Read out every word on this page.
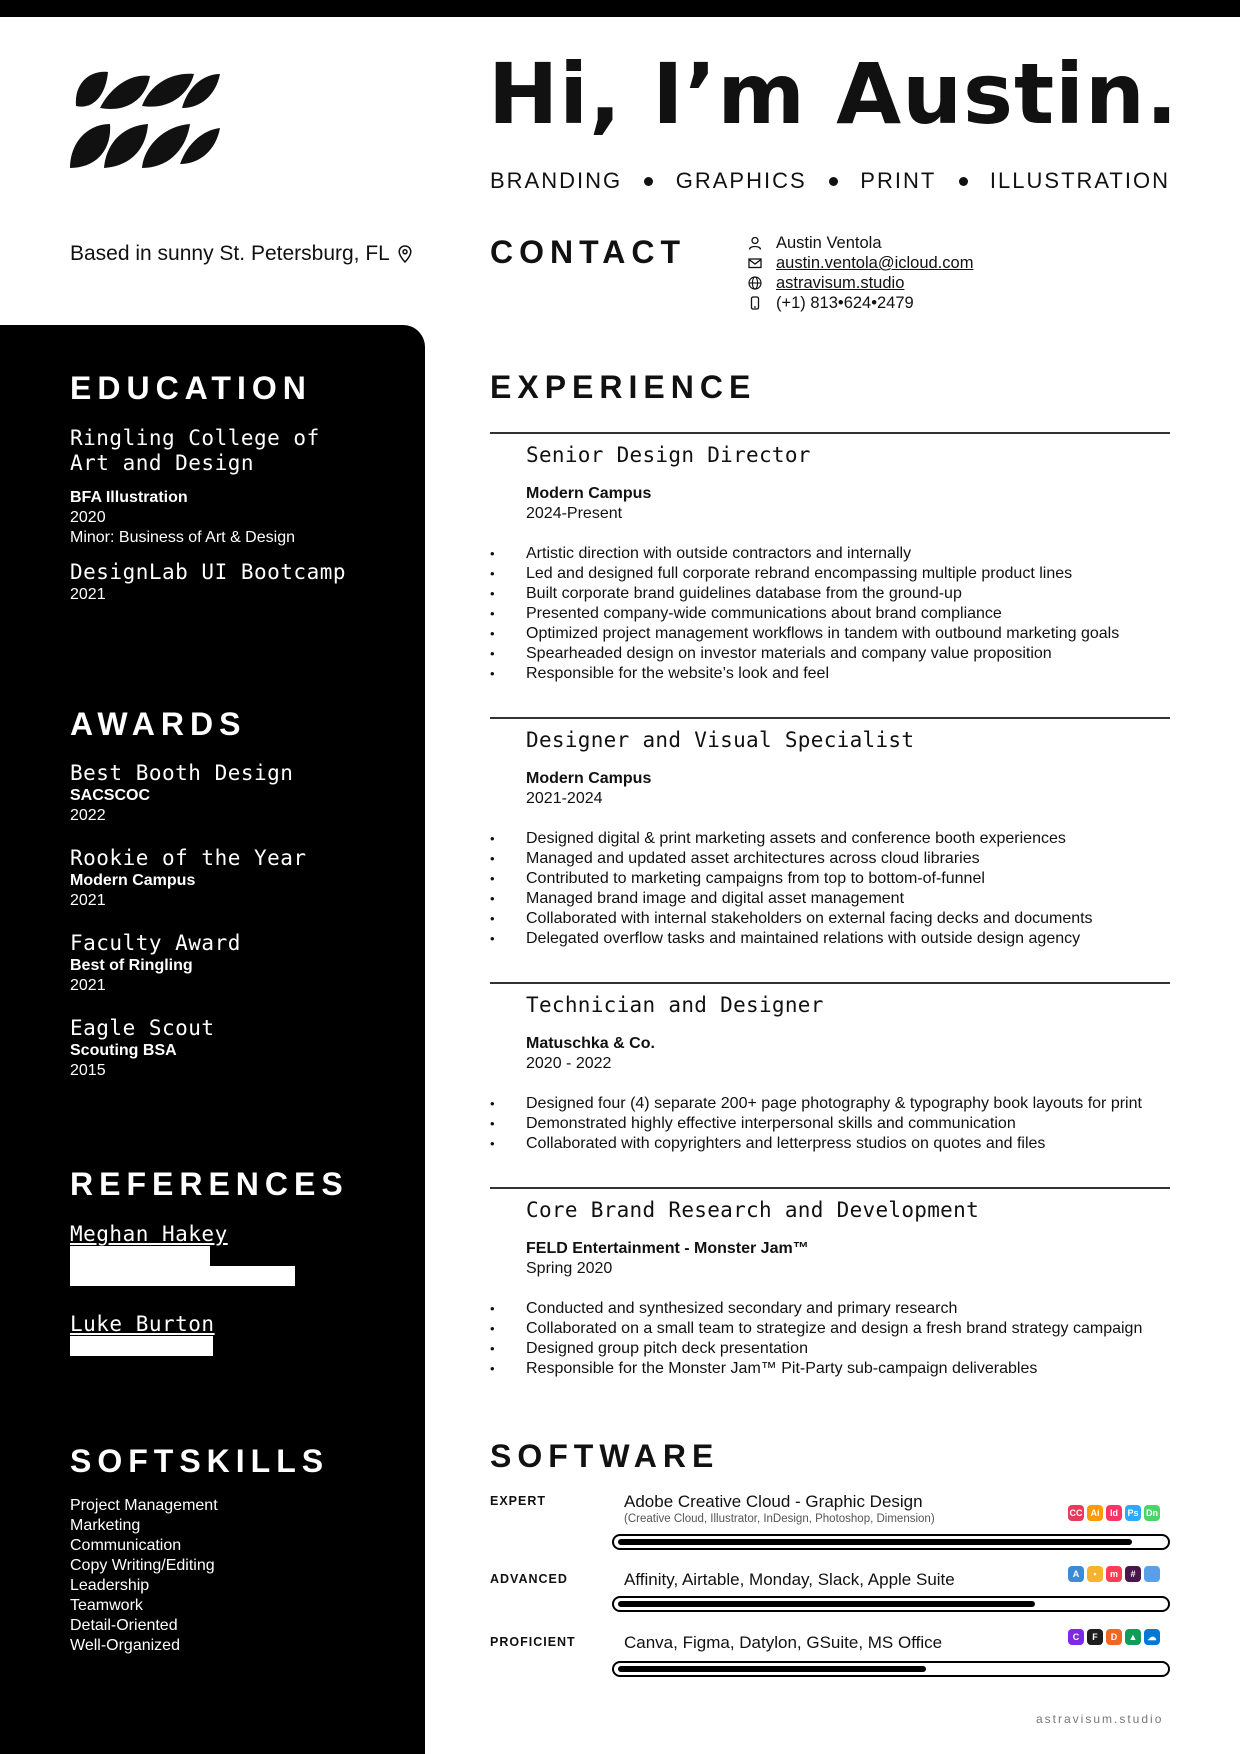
Hi, I’m Austin.
BRANDING GRAPHICS PRINT ILLUSTRATION
Based in sunny St. Petersburg, FL	CONTACT	Austin Ventola
austin.ventola@icloud.com
astravisum.studio
(+1) 813•624•2479
EDUCATION
Ringling College of
Art and Design
BFA Illustration
2020
Minor: Business of Art & Design
DesignLab UI Bootcamp
2021
AWARDS
Best Booth Design
SACSCOC
2022
Rookie of the Year
Modern Campus
2021
Faculty Award
Best of Ringling
2021
Eagle Scout
Scouting BSA
2015
REFERENCES
Meghan Hakey
Luke Burton
SOFTSKILLS
Project Management
Marketing
Communication
Copy Writing/Editing
Leadership
Teamwork
Detail-Oriented
Well-Organized
EXPERIENCE
Senior Design Director
Modern Campus
2024-Present
• Artistic direction with outside contractors and internally
• Led and designed full corporate rebrand encompassing multiple product lines
• Built corporate brand guidelines database from the ground-up
• Presented company-wide communications about brand compliance
• Optimized project management workflows in tandem with outbound marketing goals
• Spearheaded design on investor materials and company value proposition
• Responsible for the website’s look and feel
Designer and Visual Specialist
Modern Campus
2021-2024
• Designed digital & print marketing assets and conference booth experiences
• Managed and updated asset architectures across cloud libraries
• Contributed to marketing campaigns from top to bottom-of-funnel
• Managed brand image and digital asset management
• Collaborated with internal stakeholders on external facing decks and documents
• Delegated overflow tasks and maintained relations with outside design agency
Technician and Designer
Matuschka & Co.
2020 - 2022
• Designed four (4) separate 200+ page photography & typography book layouts for print
• Demonstrated highly effective interpersonal skills and communication
• Collaborated with copyrighters and letterpress studios on quotes and files
Core Brand Research and Development
FELD Entertainment - Monster Jam™
Spring 2020
• Conducted and synthesized secondary and primary research
• Collaborated on a small team to strategize and design a fresh brand strategy campaign
• Designed group pitch deck presentation
• Responsible for the Monster Jam™ Pit-Party sub-campaign deliverables
SOFTWARE
EXPERT	Adobe Creative Cloud - Graphic Design
(Creative Cloud, Illustrator, InDesign, Photoshop, Dimension)	CC Ai	Id	Ps Dn
ADVANCED	Affinity, Airtable, Monday, Slack, Apple Suite	A	•	m	#
PROFICIENT	Canva, Figma, Datylon, GSuite, MS Office	C	F	D	▲	☁
astravisum.studio
